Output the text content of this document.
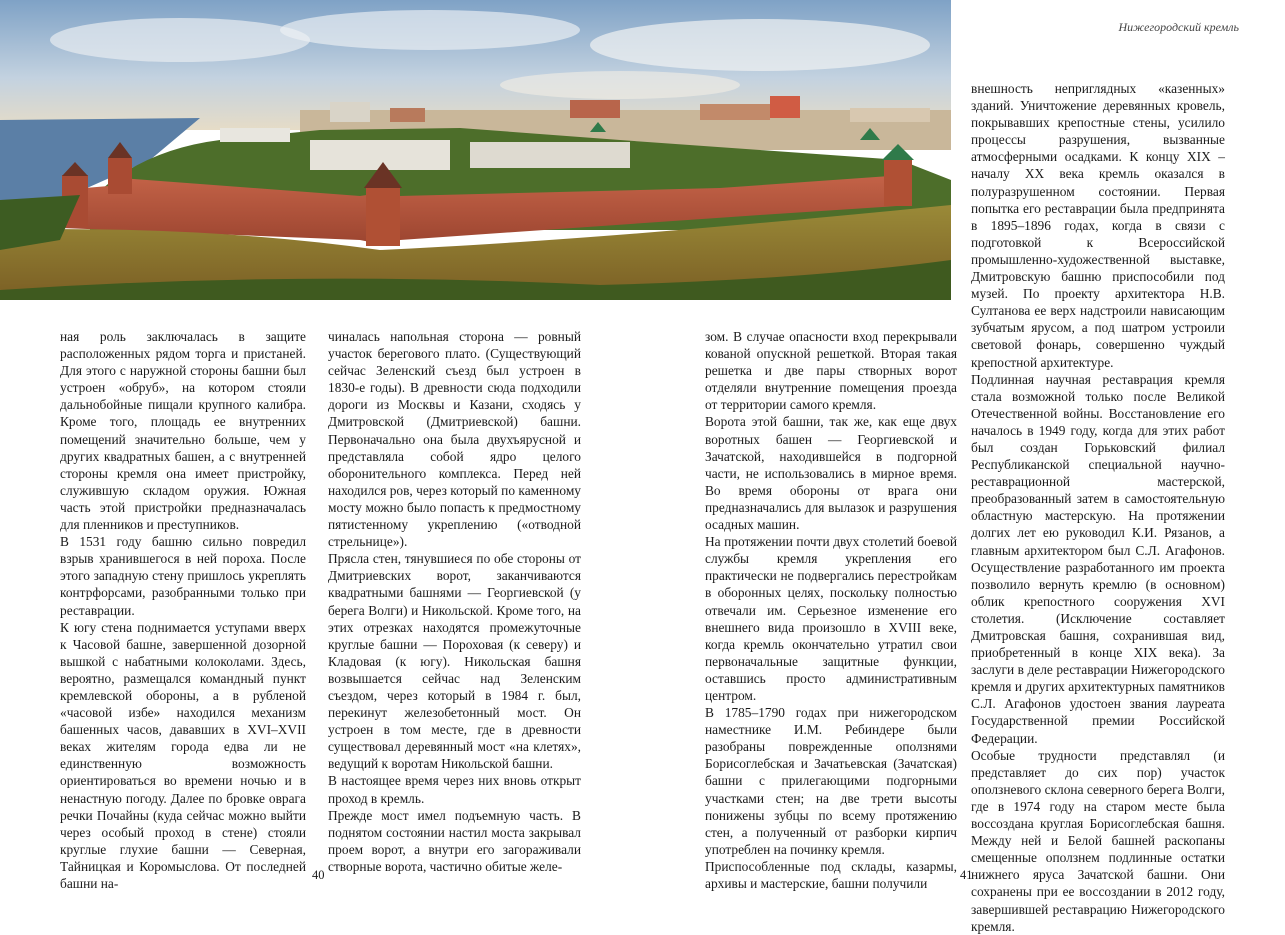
Нижегородский кремль

ная роль заключалась в защите расположенных рядом торга и пристаней. Для этого с наружной стороны башни был устроен «обруб», на котором стояли дальнобойные пищали крупного калибра. Кроме того, площадь ее внутренних помещений значительно больше, чем у других квадратных башен, а с внутренней стороны кремля она имеет пристройку, служившую складом оружия. Южная часть этой пристройки предназначалась для пленников и преступников.

В 1531 году башню сильно повредил взрыв хранившегося в ней пороха. После этого западную стену пришлось укреплять контрфорсами, разобранными только при реставрации.

К югу стена поднимается уступами вверх к Часовой башне, завершенной дозорной вышкой с набатными колоколами. Здесь, вероятно, размещался командный пункт кремлевской обороны, а в рубленой «часовой избе» находился механизм башенных часов, дававших в XVI–XVII веках жителям города едва ли не единственную возможность ориентироваться во времени ночью и в ненастную погоду. Далее по бровке оврага речки Почайны (куда сейчас можно выйти через особый проход в стене) стояли круглые глухие башни — Северная, Тайницкая и Коромыслова. От последней башни на-

чиналась напольная сторона — ровный участок берегового плато. (Существующий сейчас Зеленский съезд был устроен в 1830-е годы). В древности сюда подходили дороги из Москвы и Казани, сходясь у Дмитровской (Дмитриевской) башни. Первоначально она была двухъярусной и представляла собой ядро целого оборонительного комплекса. Перед ней находился ров, через который по каменному мосту можно было попасть к предмостному пятистенному укреплению («отводной стрельнице»).

Прясла стен, тянувшиеся по обе стороны от Дмитриевских ворот, заканчиваются квадратными башнями — Георгиевской (у берега Волги) и Никольской. Кроме того, на этих отрезках находятся промежуточные круглые башни — Пороховая (к северу) и Кладовая (к югу). Никольская башня возвышается сейчас над Зеленским съездом, через который в 1984 г. был, перекинут железобетонный мост. Он устроен в том месте, где в древности существовал деревянный мост «на клетях», ведущий к воротам Никольской башни.

В настоящее время через них вновь открыт проход в кремль.

Прежде мост имел подъемную часть. В поднятом состоянии настил моста закрывал проем ворот, а внутри его загораживали створные ворота, частично обитые желе-

зом. В случае опасности вход перекрывали кованой опускной решеткой. Вторая такая решетка и две пары створных ворот отделяли внутренние помещения проезда от территории самого кремля.

Ворота этой башни, так же, как еще двух воротных башен — Георгиевской и Зачатской, находившейся в подгорной части, не использовались в мирное время. Во время обороны от врага они предназначались для вылазок и разрушения осадных машин.

На протяжении почти двух столетий боевой службы кремля укрепления его практически не подвергались перестройкам в оборонных целях, поскольку полностью отвечали им. Серьезное изменение его внешнего вида произошло в XVIII веке, когда кремль окончательно утратил свои первоначальные защитные функции, оставшись просто административным центром.

В 1785–1790 годах при нижегородском наместнике И.М. Ребиндере были разобраны поврежденные оползнями Борисоглебская и Зачатьевская (Зачатская) башни с прилегающими подгорными участками стен; на две трети высоты понижены зубцы по всему протяжению стен, а полученный от разборки кирпич употреблен на починку кремля.

Приспособленные под склады, казармы, архивы и мастерские, башни получили

внешность неприглядных «казенных» зданий. Уничтожение деревянных кровель, покрывавших крепостные стены, усилило процессы разрушения, вызванные атмосферными осадками. К концу XIX – началу XX века кремль оказался в полуразрушенном состоянии. Первая попытка его реставрации была предпринята в 1895–1896 годах, когда в связи с подготовкой к Всероссийской промышленно-художественной выставке, Дмитровскую башню приспособили под музей. По проекту архитектора Н.В. Султанова ее верх надстроили нависающим зубчатым ярусом, а под шатром устроили световой фонарь, совершенно чуждый крепостной архитектуре.

Подлинная научная реставрация кремля стала возможной только после Великой Отечественной войны. Восстановление его началось в 1949 году, когда для этих работ был создан Горьковский филиал Республиканской специальной научно-реставрационной мастерской, преобразованный затем в самостоятельную областную мастерскую. На протяжении долгих лет ею руководил К.И. Рязанов, а главным архитектором был С.Л. Агафонов. Осуществление разработанного им проекта позволило вернуть кремлю (в основном) облик крепостного сооружения XVI столетия. (Исключение составляет Дмитровская башня, сохранившая вид, приобретенный в конце XIX века). За заслуги в деле реставрации Нижегородского кремля и других архитектурных памятников С.Л. Агафонов удостоен звания лауреата Государственной премии Российской Федерации.

Особые трудности представлял (и представляет до сих пор) участок оползневого склона северного берега Волги, где в 1974 году на старом месте была воссоздана круглая Борисоглебская башня. Между ней и Белой башней раскопаны смещенные оползнем подлинные остатки нижнего яруса Зачатской башни. Они сохранены при ее воссоздании в 2012 году, завершившей реставрацию Нижегородского кремля.

40	41
